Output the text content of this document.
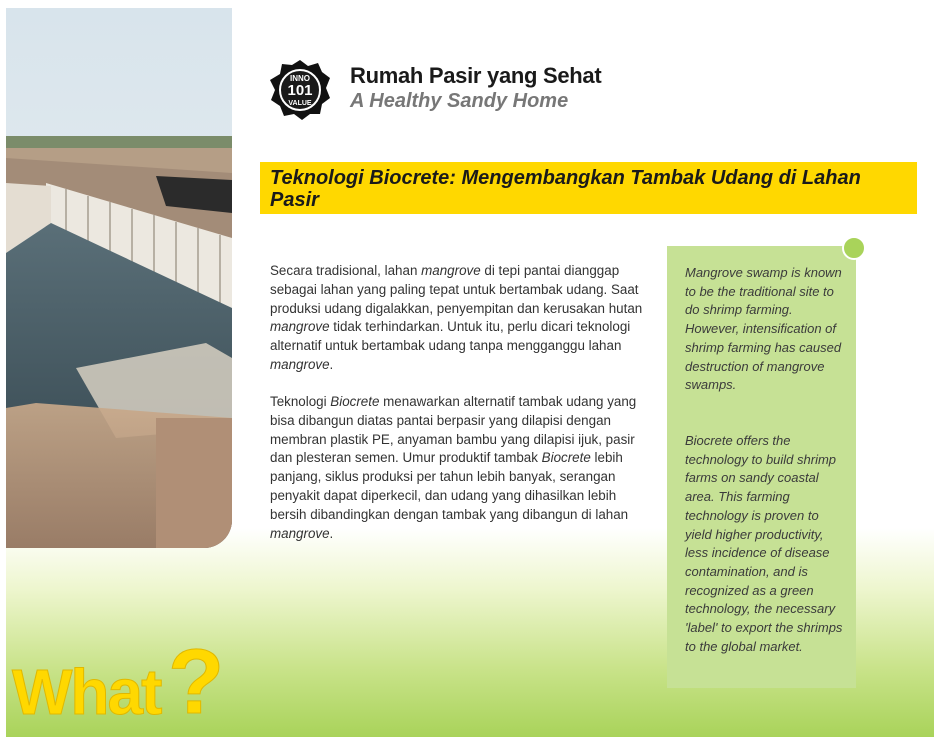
INNO
101
VALUE
Rumah Pasir yang Sehat
A Healthy Sandy Home
Teknologi Biocrete: Mengembangkan Tambak Udang di Lahan Pasir

Secara tradisional, lahan mangrove di tepi pantai dianggap sebagai lahan yang paling tepat untuk bertambak udang. Saat produksi udang digalakkan, penyempitan dan kerusakan hutan mangrove tidak terhindarkan. Untuk itu, perlu dicari teknologi alternatif untuk bertambak udang tanpa mengganggu lahan mangrove.

Teknologi Biocrete menawarkan alternatif tambak udang yang bisa dibangun diatas pantai berpasir yang dilapisi dengan membran plastik PE, anyaman bambu yang dilapisi ijuk, pasir dan plesteran semen. Umur produktif tambak Biocrete lebih panjang, siklus produksi per tahun lebih banyak, serangan penyakit dapat diperkecil, dan udang yang dihasilkan lebih bersih dibandingkan dengan tambak yang dibangun di lahan mangrove.

Mangrove swamp is known to be the traditional site to do shrimp farming. However, intensification of shrimp farming has caused destruction of mangrove swamps.
Biocrete offers the technology to build shrimp farms on sandy coastal area. This farming technology is proven to yield higher productivity, less incidence of disease contamination, and is recognized as a green technology, the necessary 'label' to export the shrimps to the global market.
What ?
